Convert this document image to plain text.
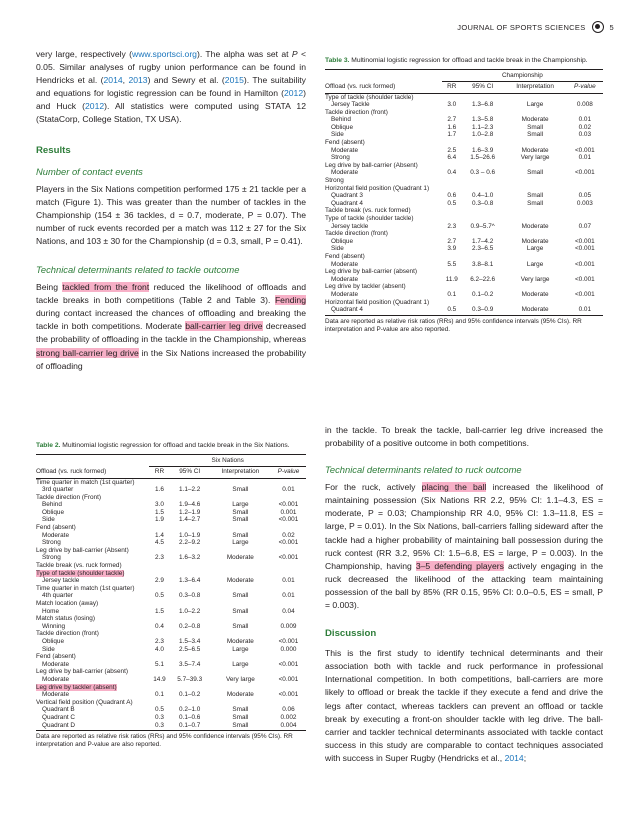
JOURNAL OF SPORTS SCIENCES	5

very large, respectively (www.sportsci.org). The alpha was set at P < 0.05. Similar analyses of rugby union performance can be found in Hendricks et al. (2014, 2013) and Sewry et al. (2015). The suitability and equations for logistic regression can be found in Hamilton (2012) and Huck (2012). All statistics were computed using STATA 12 (StataCorp, College Station, TX USA).

Results

Number of contact events

Players in the Six Nations competition performed 175 ± 21 tackle per a match (Figure 1). This was greater than the number of tackles in the Championship (154 ± 36 tackles, d = 0.7, moderate, P = 0.07). The number of ruck events recorded per a match was 112 ± 27 for the Six Nations, and 103 ± 30 for the Championship (d = 0.3, small, P = 0.41).

Technical determinants related to tackle outcome

Being tackled from the front reduced the likelihood of offloads and tackle breaks in both competitions (Table 2 and Table 3). Fending during contact increased the chances of offloading and breaking the tackle in both competitions. Moderate ball-carrier leg drive decreased the probability of offloading in the tackle in the Championship, whereas strong ball-carrier leg drive in the Six Nations increased the probability of offloading

Table 2. Multinomial logistic regression for offload and tackle break in the Six Nations.

	Six Nations			
Offload (vs. ruck formed)	RR	95% CI	Interpretation	P-value
Time quarter in match (1st quarter)				
3rd quarter	1.6	1.1–2.2	Small	0.01
Tackle direction (Front)				
Behind	3.0	1.9–4.6	Large	<0.001
Oblique	1.5	1.2–1.9	Small	0.001
Side	1.9	1.4–2.7	Small	<0.001
Fend (absent)				
Moderate	1.4	1.0–1.9	Small	0.02
Strong	4.5	2.2–9.2	Large	<0.001
Leg drive by ball-carrier (Absent)				
Strong	2.3	1.6–3.2	Moderate	<0.001
Tackle break (vs. ruck formed)				
Type of tackle (shoulder tackle)				
Jersey tackle	2.9	1.3–6.4	Moderate	0.01
Time quarter in match (1st quarter)				
4th quarter	0.5	0.3–0.8	Small	0.01
Match location (away)				
Home	1.5	1.0–2.2	Small	0.04
Match status (losing)				
Winning	0.4	0.2–0.8	Small	0.009
Tackle direction (front)				
Oblique	2.3	1.5–3.4	Moderate	<0.001
Side	4.0	2.5–6.5	Large	0.000
Fend (absent)				
Moderate	5.1	3.5–7.4	Large	<0.001
Leg drive by ball-carrier (absent)				
Moderate	14.9	5.7–39.3	Very large	<0.001
Leg drive by tackler (absent)				
Moderate	0.1	0.1–0.2	Moderate	<0.001
Vertical field position (Quadrant A)				
Quadrant B	0.5	0.2–1.0	Small	0.06
Quadrant C	0.3	0.1–0.6	Small	0.002
Quadrant D	0.3	0.1–0.7	Small	0.004

Data are reported as relative risk ratios (RRs) and 95% confidence intervals (95% CIs). RR interpretation and P-value are also reported.

Table 3. Multinomial logistic regression for offload and tackle break in the Championship.

	Championship			
Offload (vs. ruck formed)	RR	95% CI	Interpretation	P-value
Type of tackle (shoulder tackle)				
Jersey Tackle	3.0	1.3–6.8	Large	0.008
Tackle direction (front)				
Behind	2.7	1.3–5.8	Moderate	0.01
Oblique	1.6	1.1–2.3	Small	0.02
Side	1.7	1.0–2.8	Small	0.03
Fend (absent)				
Moderate	2.5	1.6–3.9	Moderate	<0.001
Strong	6.4	1.5–26.6	Very large	0.01
Leg drive by ball-carrier (Absent)				
Moderate	0.4	0.3 – 0.6	Small	<0.001
Strong				
Horizontal field position (Quadrant 1)				
Quadrant 3	0.6	0.4–1.0	Small	0.05
Quadrant 4	0.5	0.3–0.8	Small	0.003
Tackle break (vs. ruck formed)				
Type of tackle (shoulder tackle)				
Jersey tackle	2.3	0.9–5.7^	Moderate	0.07
Tackle direction (front)				
Oblique	2.7	1.7–4.2	Moderate	<0.001
Side	3.9	2.3–6.5	Large	<0.001
Fend (absent)				
Moderate	5.5	3.8–8.1	Large	<0.001
Leg drive by ball-carrier (absent)				
Moderate	11.9	6.2–22.6	Very large	<0.001
Leg drive by tackler (absent)				
Moderate	0.1	0.1–0.2	Moderate	<0.001
Horizontal field position (Quadrant 1)				
Quadrant 4	0.5	0.3–0.9	Moderate	0.01

Data are reported as relative risk ratios (RRs) and 95% confidence intervals (95% CIs). RR interpretation and P-value are also reported.

in the tackle. To break the tackle, ball-carrier leg drive increased the probability of a positive outcome in both competitions.

Technical determinants related to ruck outcome

For the ruck, actively placing the ball increased the likelihood of maintaining possession (Six Nations RR 2.2, 95% CI: 1.1–4.3, ES = moderate, P = 0.03; Championship RR 4.0, 95% CI: 1.3–11.8, ES = large, P = 0.01). In the Six Nations, ball-carriers falling sideward after the tackle had a higher probability of maintaining ball possession during the ruck contest (RR 3.2, 95% CI: 1.5–6.8, ES = large, P = 0.003). In the Championship, having 3–5 defending players actively engaging in the ruck decreased the likelihood of the attacking team maintaining possession of the ball by 85% (RR 0.15, 95% CI: 0.0–0.5, ES = small, P = 0.003).

Discussion

This is the first study to identify technical determinants and their association both with tackle and ruck performance in professional International competition. In both competitions, ball-carriers are more likely to offload or break the tackle if they execute a fend and drive the legs after contact, whereas tacklers can prevent an offload or tackle break by executing a front-on shoulder tackle with leg drive. The ball-carrier and tackler technical determinants associated with tackle contact success in this study are comparable to contact techniques associated with success in Super Rugby (Hendricks et al., 2014;
